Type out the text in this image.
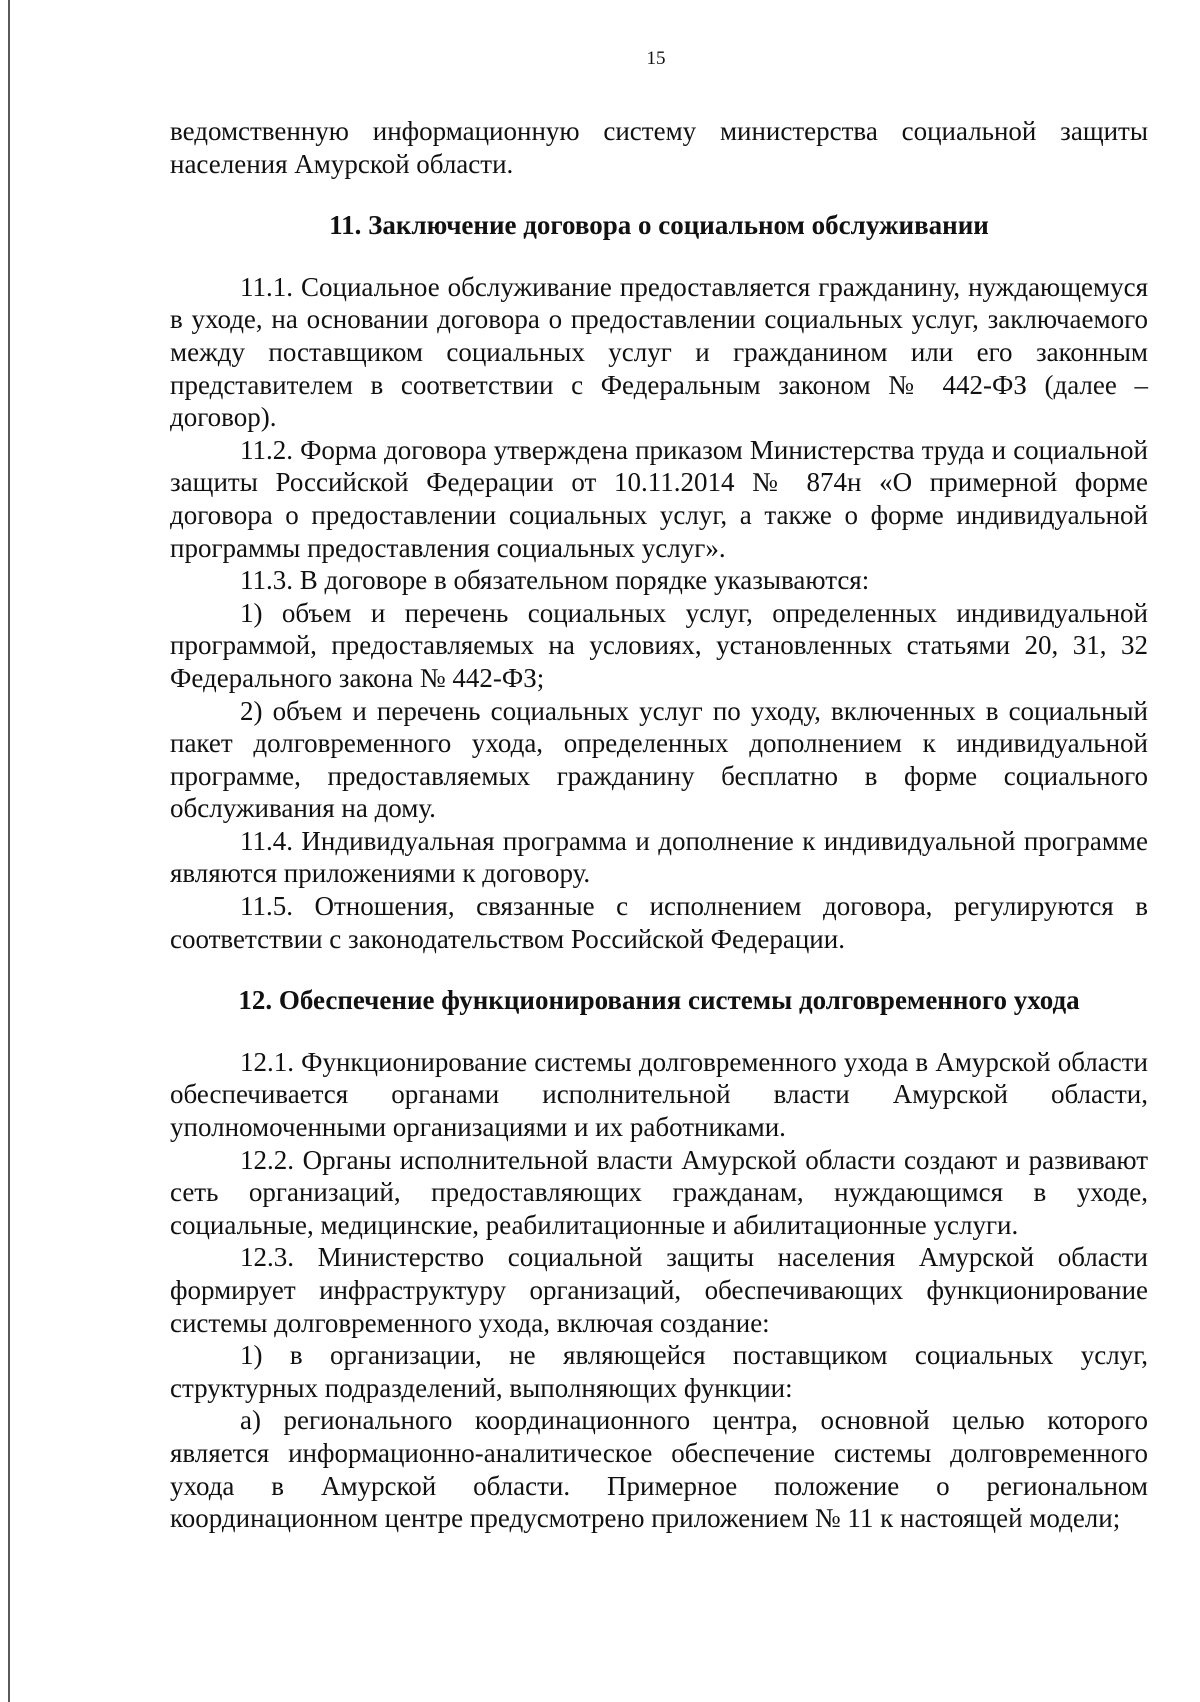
15

ведомственную информационную систему министерства социальной защиты населения Амурской области.

11. Заключение договора о социальном обслуживании

11.1. Социальное обслуживание предоставляется гражданину, нуждающемуся в уходе, на основании договора о предоставлении социальных услуг, заключаемого между поставщиком социальных услуг и гражданином или его законным представителем в соответствии с Федеральным законом № 442-ФЗ (далее – договор).

11.2. Форма договора утверждена приказом Министерства труда и социальной защиты Российской Федерации от 10.11.2014 № 874н «О примерной форме договора о предоставлении социальных услуг, а также о форме индивидуальной программы предоставления социальных услуг».

11.3. В договоре в обязательном порядке указываются:

1) объем и перечень социальных услуг, определенных индивидуальной программой, предоставляемых на условиях, установленных статьями 20, 31, 32 Федерального закона № 442-ФЗ;

2) объем и перечень социальных услуг по уходу, включенных в социальный пакет долговременного ухода, определенных дополнением к индивидуальной программе, предоставляемых гражданину бесплатно в форме социального обслуживания на дому.

11.4. Индивидуальная программа и дополнение к индивидуальной программе являются приложениями к договору.

11.5. Отношения, связанные с исполнением договора, регулируются в соответствии с законодательством Российской Федерации.

12. Обеспечение функционирования системы долговременного ухода

12.1. Функционирование системы долговременного ухода в Амурской области обеспечивается органами исполнительной власти Амурской области, уполномоченными организациями и их работниками.

12.2. Органы исполнительной власти Амурской области создают и развивают сеть организаций, предоставляющих гражданам, нуждающимся в уходе, социальные, медицинские, реабилитационные и абилитационные услуги.

12.3. Министерство социальной защиты населения Амурской области формирует инфраструктуру организаций, обеспечивающих функционирование системы долговременного ухода, включая создание:

1) в организации, не являющейся поставщиком социальных услуг, структурных подразделений, выполняющих функции:

а) регионального координационного центра, основной целью которого является информационно-аналитическое обеспечение системы долговременного ухода в Амурской области. Примерное положение о региональном координационном центре предусмотрено приложением № 11 к настоящей модели;
